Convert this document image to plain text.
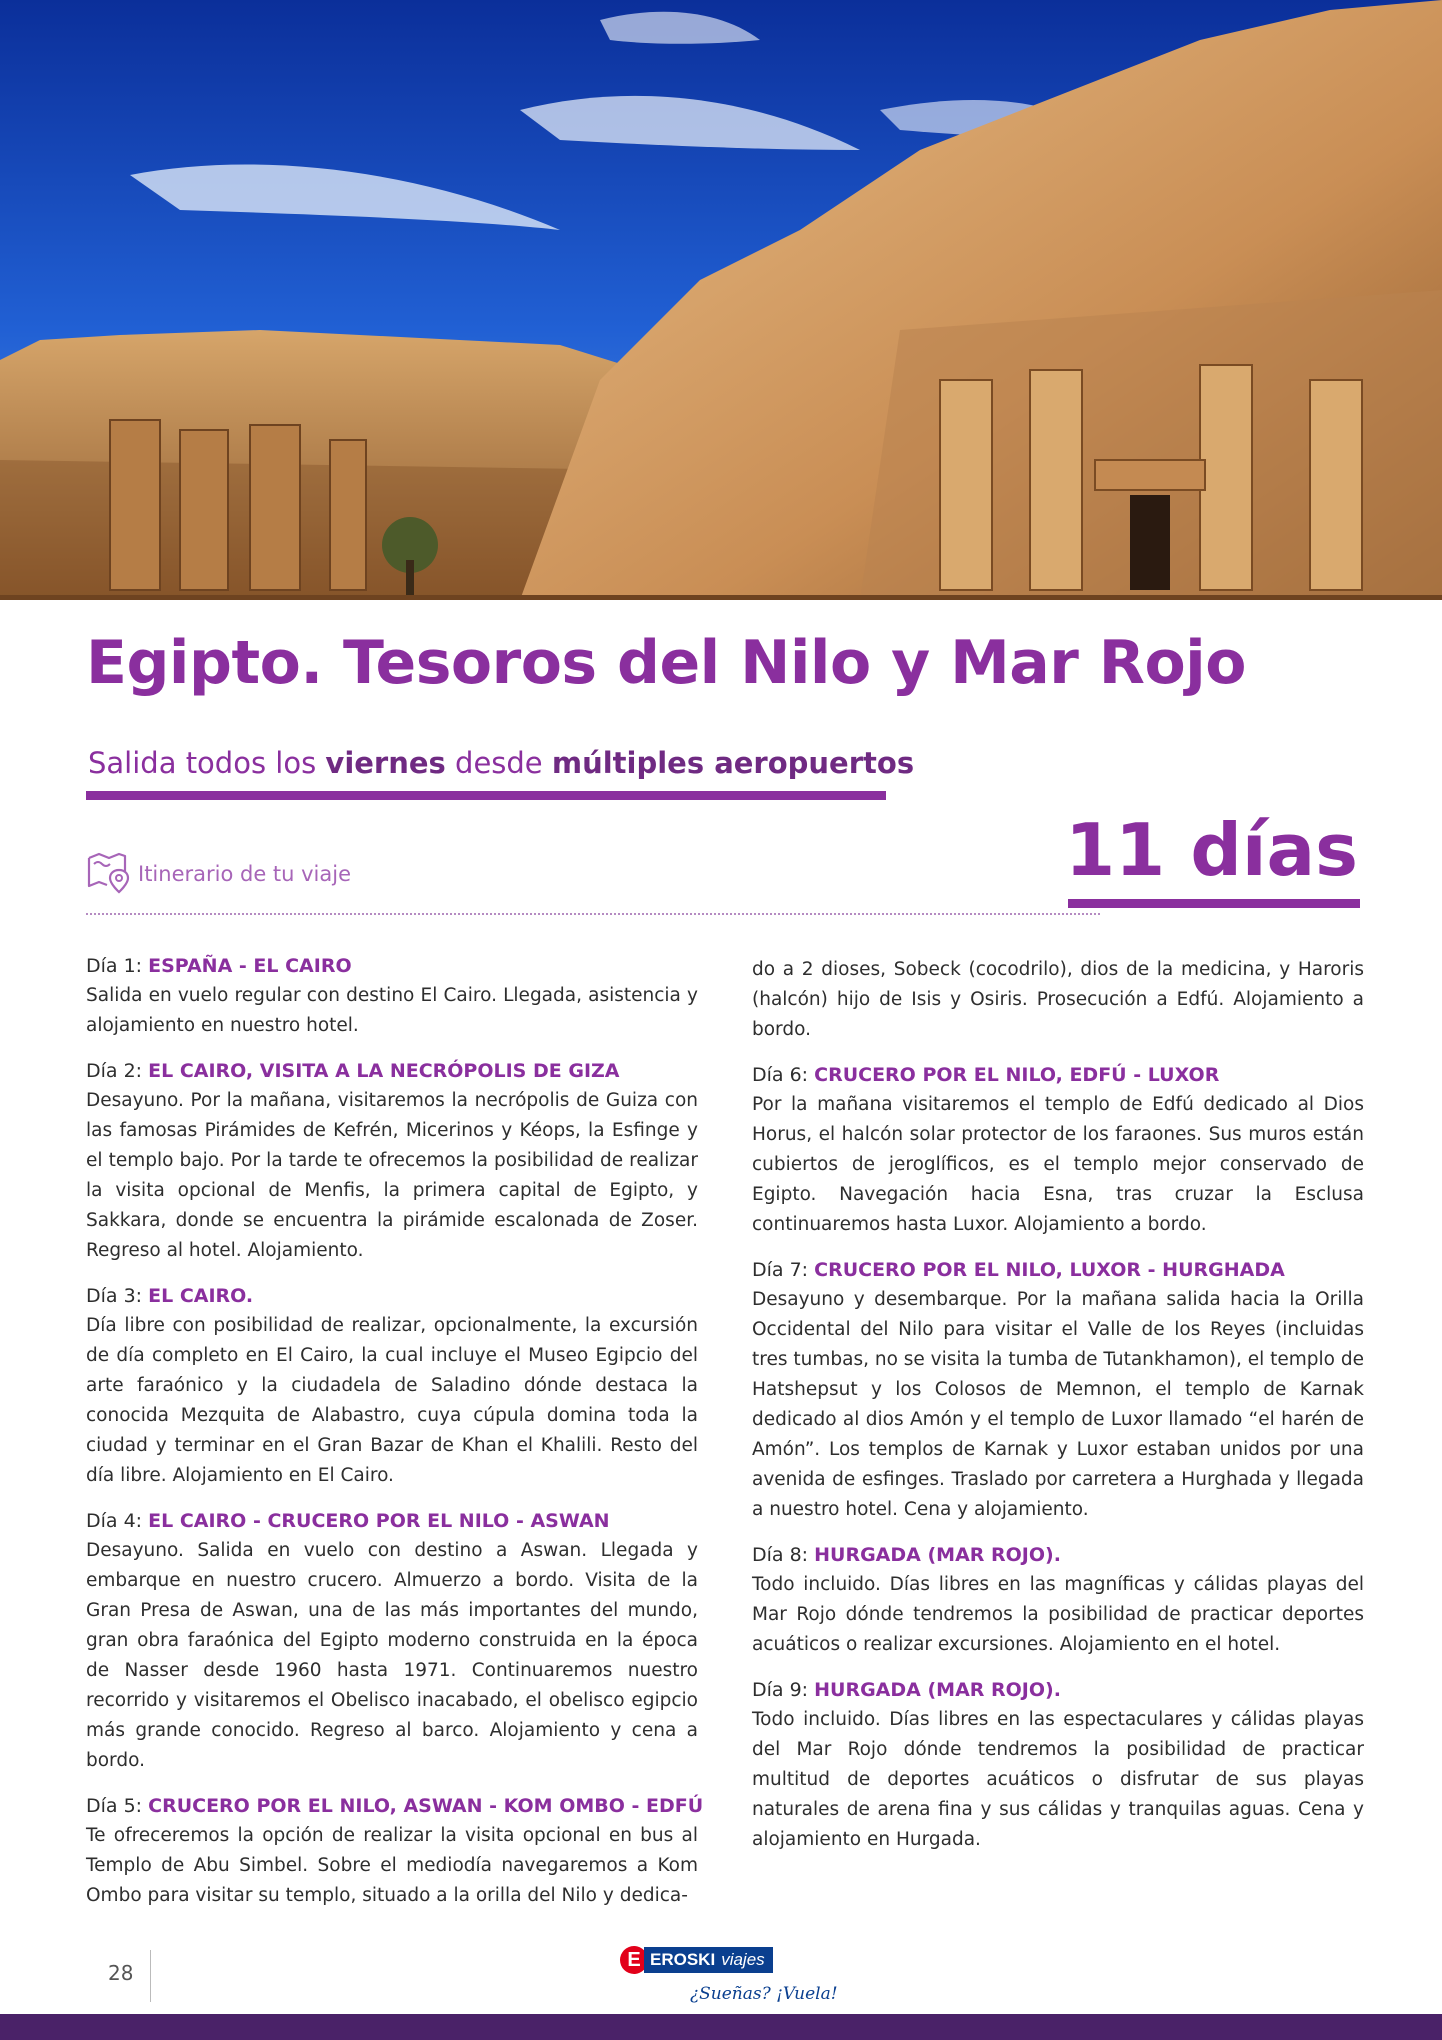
Egipto. Tesoros del Nilo y Mar Rojo

Salida todos los viernes desde múltiples aeropuertos

Itinerario de tu viaje	11 días

Día 1: ESPAÑA - EL CAIRO

Salida en vuelo regular con destino El Cairo. Llegada, asistencia y alojamiento en nuestro hotel.

Día 2: EL CAIRO, VISITA A LA NECRÓPOLIS DE GIZA

Desayuno. Por la mañana, visitaremos la necrópolis de Guiza con las famosas Pirámides de Kefrén, Micerinos y Kéops, la Esfinge y el templo bajo. Por la tarde te ofrecemos la posibilidad de realizar la visita opcional de Menfis, la primera capital de Egipto, y Sakkara, donde se encuentra la pirámide escalonada de Zoser. Regreso al hotel. Alojamiento.

Día 3: EL CAIRO.

Día libre con posibilidad de realizar, opcionalmente, la excursión de día completo en El Cairo, la cual incluye el Museo Egipcio del arte faraónico y la ciudadela de Saladino dónde destaca la conocida Mezquita de Alabastro, cuya cúpula domina toda la ciudad y terminar en el Gran Bazar de Khan el Khalili. Resto del día libre. Alojamiento en El Cairo.

Día 4: EL CAIRO - CRUCERO POR EL NILO - ASWAN

Desayuno. Salida en vuelo con destino a Aswan. Llegada y embarque en nuestro crucero. Almuerzo a bordo. Visita de la Gran Presa de Aswan, una de las más importantes del mundo, gran obra faraónica del Egipto moderno construida en la época de Nasser desde 1960 hasta 1971. Continuaremos nuestro recorrido y visitaremos el Obelisco inacabado, el obelisco egipcio más grande conocido. Regreso al barco. Alojamiento y cena a bordo.

Día 5: CRUCERO POR EL NILO, ASWAN - KOM OMBO - EDFÚ

Te ofreceremos la opción de realizar la visita opcional en bus al Templo de Abu Simbel. Sobre el mediodía navegaremos a Kom Ombo para visitar su templo, situado a la orilla del Nilo y dedica-

do a 2 dioses, Sobeck (cocodrilo), dios de la medicina, y Haroris (halcón) hijo de Isis y Osiris. Prosecución a Edfú. Alojamiento a bordo.

Día 6: CRUCERO POR EL NILO, EDFÚ - LUXOR

Por la mañana visitaremos el templo de Edfú dedicado al Dios Horus, el halcón solar protector de los faraones. Sus muros están cubiertos de jeroglíficos, es el templo mejor conservado de Egipto. Navegación hacia Esna, tras cruzar la Esclusa continuaremos hasta Luxor. Alojamiento a bordo.

Día 7: CRUCERO POR EL NILO, LUXOR - HURGHADA

Desayuno y desembarque. Por la mañana salida hacia la Orilla Occidental del Nilo para visitar el Valle de los Reyes (incluidas tres tumbas, no se visita la tumba de Tutankhamon), el templo de Hatshepsut y los Colosos de Memnon, el templo de Karnak dedicado al dios Amón y el templo de Luxor llamado “el harén de Amón”. Los templos de Karnak y Luxor estaban unidos por una avenida de esfinges. Traslado por carretera a Hurghada y llegada a nuestro hotel. Cena y alojamiento.

Día 8: HURGADA (MAR ROJO).

Todo incluido. Días libres en las magníficas y cálidas playas del Mar Rojo dónde tendremos la posibilidad de practicar deportes acuáticos o realizar excursiones. Alojamiento en el hotel.

Día 9: HURGADA (MAR ROJO).

Todo incluido. Días libres en las espectaculares y cálidas playas del Mar Rojo dónde tendremos la posibilidad de practicar multitud de deportes acuáticos o disfrutar de sus playas naturales de arena fina y sus cálidas y tranquilas aguas. Cena y alojamiento en Hurgada.

28
E EROSKI viajes
¿Sueñas? ¡Vuela!
